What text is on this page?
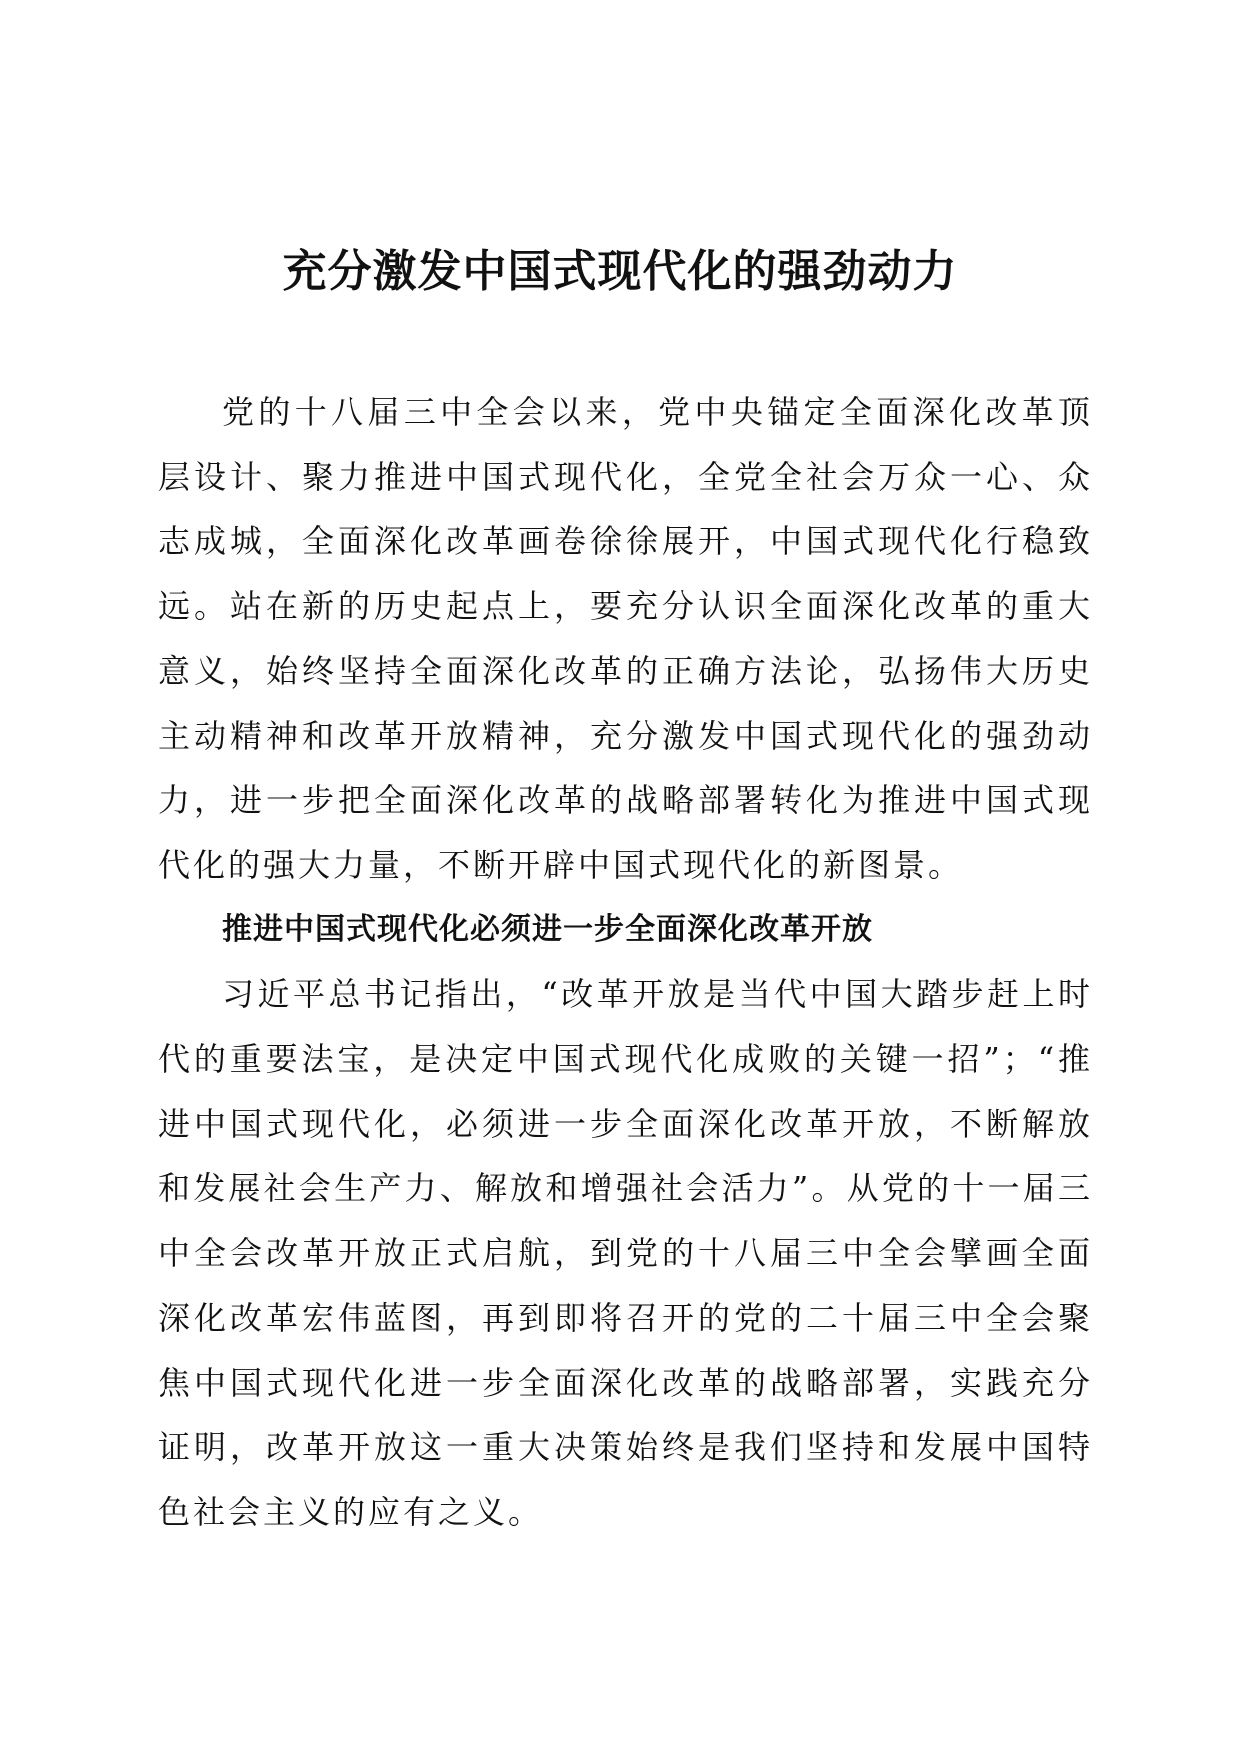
充分激发中国式现代化的强劲动力

党的十八届三中全会以来，党中央锚定全面深化改革顶层设计、聚力推进中国式现代化，全党全社会万众一心、众志成城，全面深化改革画卷徐徐展开，中国式现代化行稳致远。站在新的历史起点上，要充分认识全面深化改革的重大意义，始终坚持全面深化改革的正确方法论，弘扬伟大历史主动精神和改革开放精神，充分激发中国式现代化的强劲动力，进一步把全面深化改革的战略部署转化为推进中国式现代化的强大力量，不断开辟中国式现代化的新图景。

推进中国式现代化必须进一步全面深化改革开放

习近平总书记指出，“改革开放是当代中国大踏步赶上时代的重要法宝，是决定中国式现代化成败的关键一招”；“推进中国式现代化，必须进一步全面深化改革开放，不断解放和发展社会生产力、解放和增强社会活力”。从党的十一届三中全会改革开放正式启航，到党的十八届三中全会擘画全面深化改革宏伟蓝图，再到即将召开的党的二十届三中全会聚焦中国式现代化进一步全面深化改革的战略部署，实践充分证明，改革开放这一重大决策始终是我们坚持和发展中国特色社会主义的应有之义。
